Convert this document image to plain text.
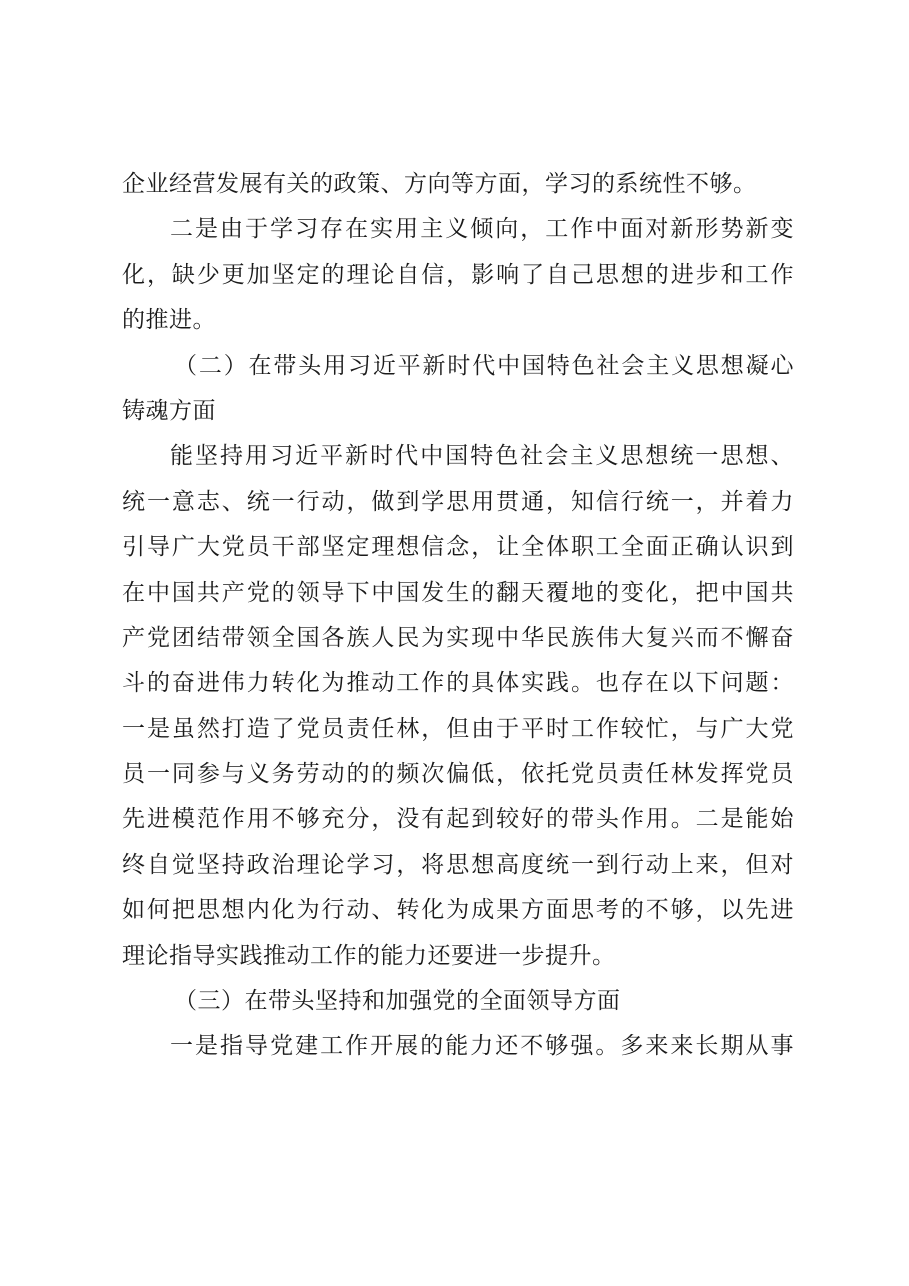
企业经营发展有关的政策、方向等方面，学习的系统性不够。
二是由于学习存在实用主义倾向，工作中面对新形势新变
化，缺少更加坚定的理论自信，影响了自己思想的进步和工作
的推进。
（二）在带头用习近平新时代中国特色社会主义思想凝心
铸魂方面
能坚持用习近平新时代中国特色社会主义思想统一思想、
统一意志、统一行动，做到学思用贯通，知信行统一，并着力
引导广大党员干部坚定理想信念，让全体职工全面正确认识到
在中国共产党的领导下中国发生的翻天覆地的变化，把中国共
产党团结带领全国各族人民为实现中华民族伟大复兴而不懈奋
斗的奋进伟力转化为推动工作的具体实践。也存在以下问题：
一是虽然打造了党员责任林，但由于平时工作较忙，与广大党
员一同参与义务劳动的的频次偏低，依托党员责任林发挥党员
先进模范作用不够充分，没有起到较好的带头作用。二是能始
终自觉坚持政治理论学习，将思想高度统一到行动上来，但对
如何把思想内化为行动、转化为成果方面思考的不够，以先进
理论指导实践推动工作的能力还要进一步提升。
（三）在带头坚持和加强党的全面领导方面
一是指导党建工作开展的能力还不够强。多来来长期从事
